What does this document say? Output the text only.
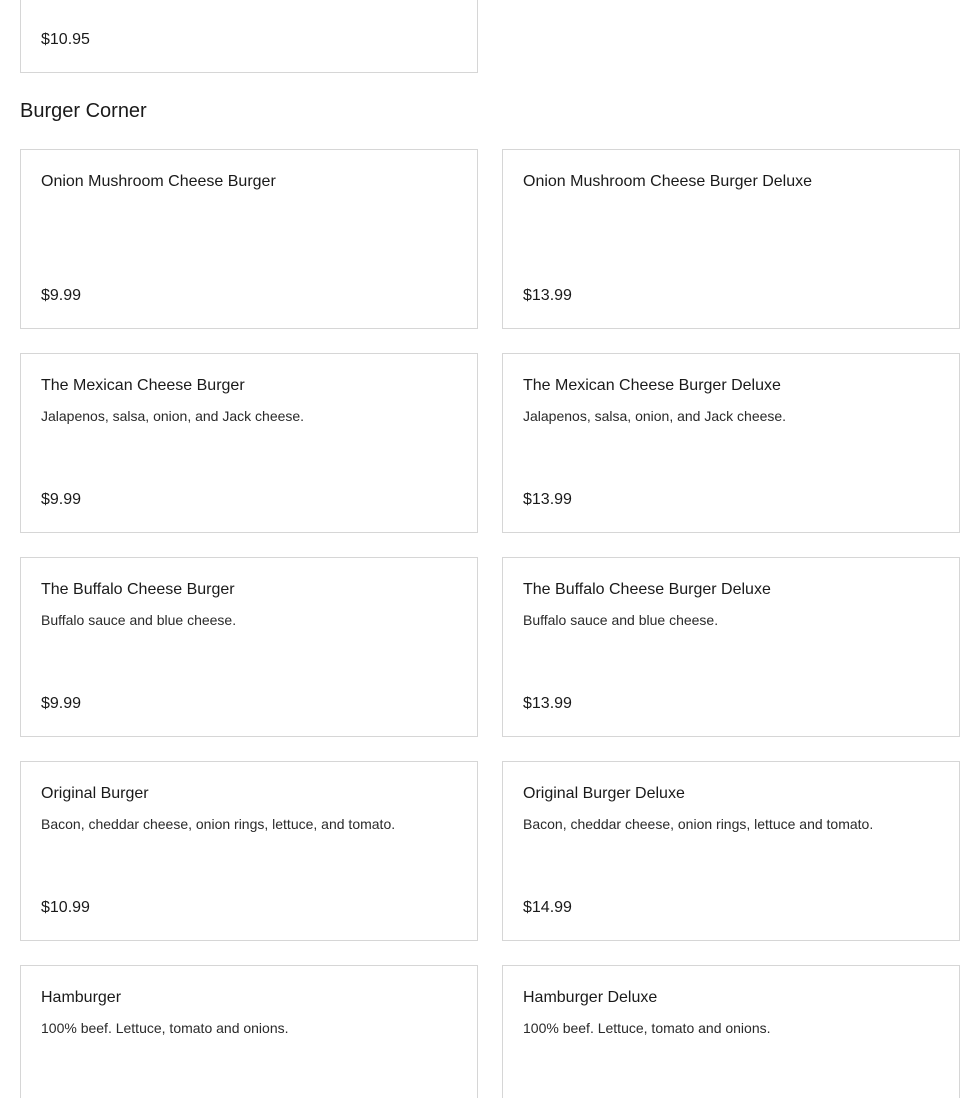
$10.95
Burger Corner
Onion Mushroom Cheese Burger
$9.99
Onion Mushroom Cheese Burger Deluxe
$13.99
The Mexican Cheese Burger
Jalapenos, salsa, onion, and Jack cheese.
$9.99
The Mexican Cheese Burger Deluxe
Jalapenos, salsa, onion, and Jack cheese.
$13.99
The Buffalo Cheese Burger
Buffalo sauce and blue cheese.
$9.99
The Buffalo Cheese Burger Deluxe
Buffalo sauce and blue cheese.
$13.99
Original Burger
Bacon, cheddar cheese, onion rings, lettuce, and tomato.
$10.99
Original Burger Deluxe
Bacon, cheddar cheese, onion rings, lettuce and tomato.
$14.99
Hamburger
100% beef. Lettuce, tomato and onions.
Hamburger Deluxe
100% beef. Lettuce, tomato and onions.
